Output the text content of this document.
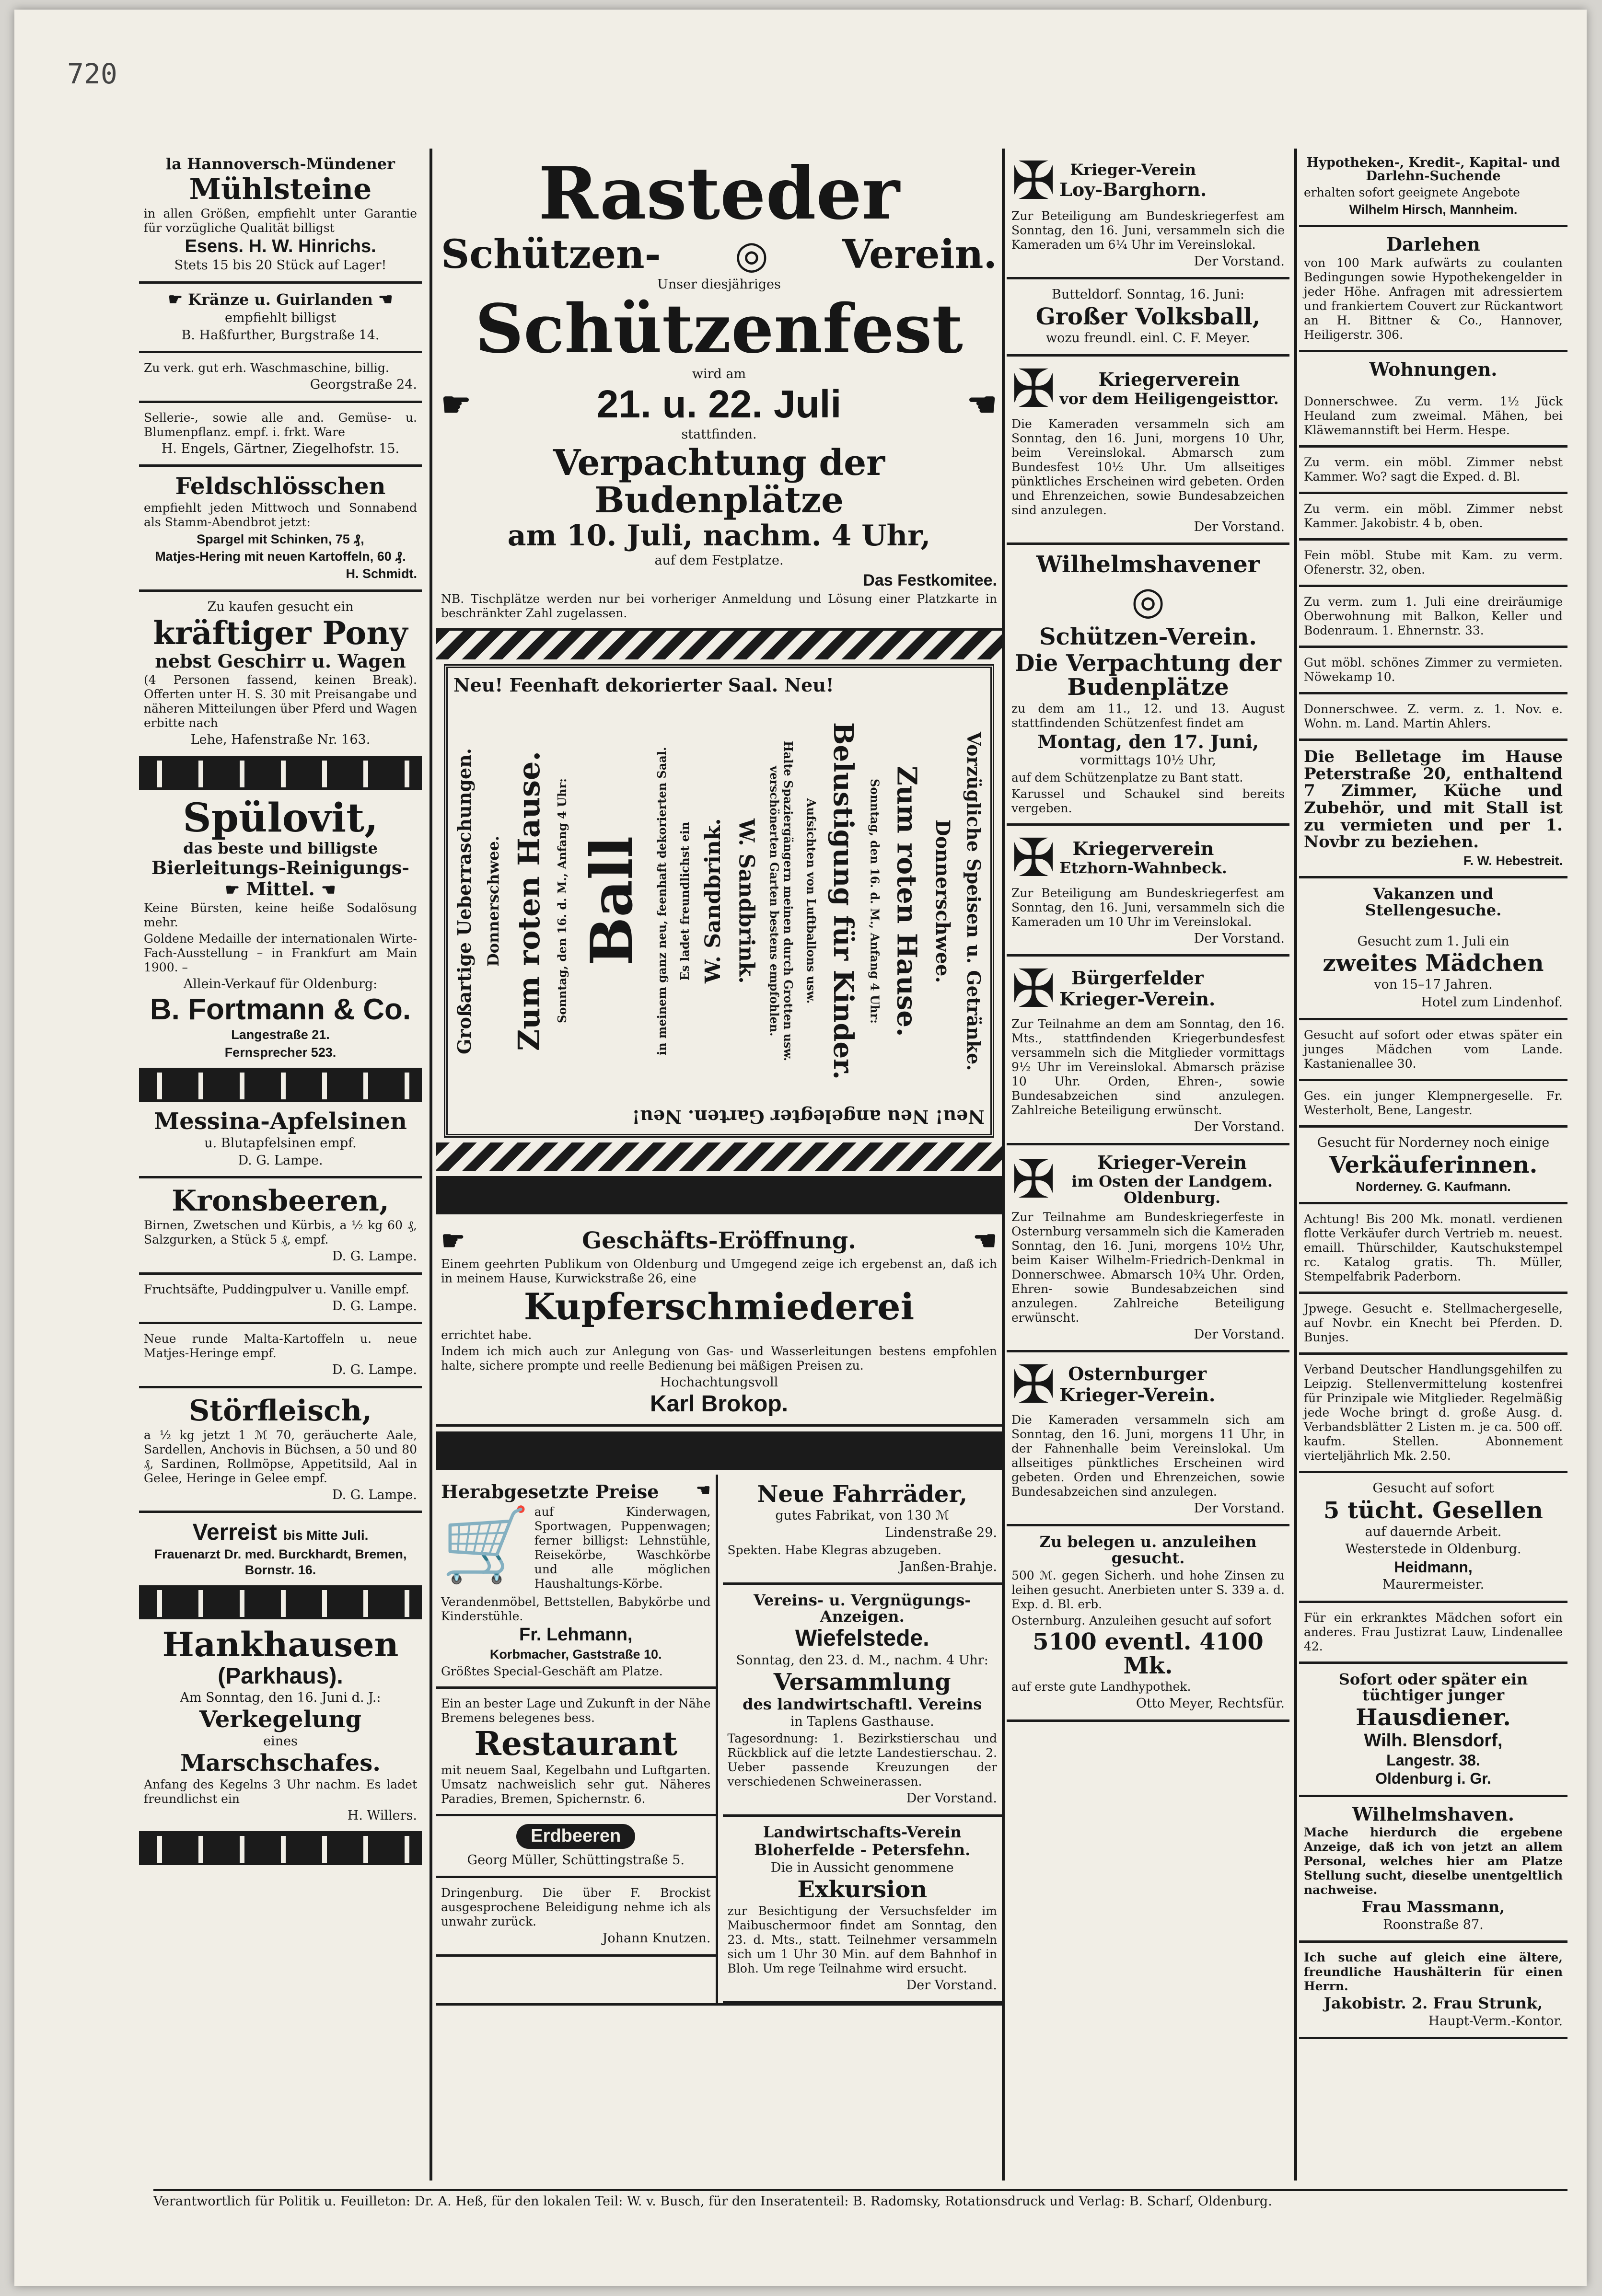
720
la Hannoversch-Mündener
Mühlsteine

in allen Größen, empfiehlt unter Garantie für vorzügliche Qualität billigst

Esens. H. W. Hinrichs.

Stets 15 bis 20 Stück auf Lager!

☛ Kränze u. Guirlanden ☚

empfiehlt billigst

B. Haßfurther, Burgstraße 14.

Zu verk. gut erh. Waschmaschine, billig.

Georgstraße 24.

Sellerie-, sowie alle and. Gemüse- u. Blumenpflanz. empf. i. frkt. Ware

H. Engels, Gärtner, Ziegelhofstr. 15.

Feldschlösschen

empfiehlt jeden Mittwoch und Sonnabend als Stamm-Abendbrot jetzt:

Spargel mit Schinken, 75 ₰,

Matjes-Hering mit neuen Kartoffeln, 60 ₰.

H. Schmidt.

Zu kaufen gesucht ein

kräftiger Pony
nebst Geschirr u. Wagen

(4 Personen fassend, keinen Break). Offerten unter H. S. 30 mit Preisangabe und näheren Mitteilungen über Pferd und Wagen erbitte nach

Lehe, Hafenstraße Nr. 163.

Spülovit,
das beste und billigste
Bierleitungs-Reinigungs-
☛ Mittel. ☚

Keine Bürsten, keine heiße Sodalösung mehr.

Goldene Medaille der internationalen Wirte-Fach-Ausstellung – in Frankfurt am Main 1900. –

Allein-Verkauf für Oldenburg:

B. Fortmann & Co.

Langestraße 21.

Fernsprecher 523.

Messina-Apfelsinen

u. Blutapfelsinen empf.

D. G. Lampe.

Kronsbeeren,

Birnen, Zwetschen und Kürbis, a ½ kg 60 ₰, Salzgurken, a Stück 5 ₰, empf.

D. G. Lampe.

Fruchtsäfte, Puddingpulver u. Vanille empf.

D. G. Lampe.

Neue runde Malta-Kartoffeln u. neue Matjes-Heringe empf.

D. G. Lampe.

Störfleisch,

a ½ kg jetzt 1 ℳ 70, geräucherte Aale, Sardellen, Anchovis in Büchsen, a 50 und 80 ₰, Sardinen, Rollmöpse, Appetitsild, Aal in Gelee, Heringe in Gelee empf.

D. G. Lampe.

Verreist bis Mitte Juli.

Frauenarzt Dr. med. Burckhardt, Bremen, Bornstr. 16.

Hankhausen
(Parkhaus).

Am Sonntag, den 16. Juni d. J.:

Verkegelung

eines

Marschschafes.

Anfang des Kegelns 3 Uhr nachm. Es ladet freundlichst ein

H. Willers.

Rasteder
Schützen- ◎ Verein.

Unser diesjähriges

Schützenfest

wird am

☛	21. u. 22. Juli	☚

stattfinden.

Verpachtung der Budenplätze
am 10. Juli, nachm. 4 Uhr,

auf dem Festplatze.

Das Festkomitee.

NB. Tischplätze werden nur bei vorheriger Anmeldung und Lösung einer Platzkarte in beschränkter Zahl zugelassen.

Neu! Feenhaft dekorierter Saal. Neu!
Großartige Ueberraschungen. Donnerschwee. Zum roten Hause. Sonntag, den 16. d. M., Anfang 4 Uhr: Ball in meinem ganz neu, feenhaft dekorierten Saal. Es ladet freundlichst ein W. Sandbrink. W. Sandbrink.	Halte Spaziergängern meinen durch Grotten usw. verschönerten Garten bestens empfohlen.	Aufsichten von Luftballons usw. Belustigung für Kinder. Sonntag, den 16. d. M., Anfang 4 Uhr: Zum roten Hause. Donnerschwee. Vorzügliche Speisen u. Getränke.
Neu! Neu angelegter Garten. Neu!
☛	Geschäfts-Eröffnung.	☚

Einem geehrten Publikum von Oldenburg und Umgegend zeige ich ergebenst an, daß ich in meinem Hause, Kurwickstraße 26, eine

Kupferschmiederei

errichtet habe.

Indem ich mich auch zur Anlegung von Gas- und Wasserleitungen bestens empfohlen halte, sichere prompte und reelle Bedienung bei mäßigen Preisen zu.

Hochachtungsvoll

Karl Brokop.
Herabgesetzte Preise ☚
🛒 auf Kinderwagen, Sportwagen, Puppenwagen; ferner billigst: Lehnstühle, Reisekörbe, Waschkörbe und alle möglichen Haushaltungs-Körbe.

Verandenmöbel, Bettstellen, Babykörbe und Kinderstühle.

Fr. Lehmann,

Korbmacher, Gaststraße 10.

Größtes Special-Geschäft am Platze.

Ein an bester Lage und Zukunft in der Nähe Bremens belegenes bess.

Restaurant

mit neuem Saal, Kegelbahn und Luftgarten. Umsatz nachweislich sehr gut. Näheres Paradies, Bremen, Spichernstr. 6.

Erdbeeren

Georg Müller, Schüttingstraße 5.

Dringenburg. Die über F. Brockist ausgesprochene Beleidigung nehme ich als unwahr zurück.

Johann Knutzen.

Neue Fahrräder,

gutes Fabrikat, von 130 ℳ

Lindenstraße 29.

Spekten. Habe Klegras abzugeben.

Janßen-Brahje.

Vereins- u. Vergnügungs-Anzeigen.
Wiefelstede.

Sonntag, den 23. d. M., nachm. 4 Uhr:

Versammlung
des landwirtschaftl. Vereins

in Taplens Gasthause.

Tagesordnung: 1. Bezirkstierschau und Rückblick auf die letzte Landestierschau. 2. Ueber passende Kreuzungen der verschiedenen Schweinerassen.

Der Vorstand.

Landwirtschafts-Verein
Bloherfelde - Petersfehn.

Die in Aussicht genommene

Exkursion

zur Besichtigung der Versuchsfelder im Maibuschermoor findet am Sonntag, den 23. d. Mts., statt. Teilnehmer versammeln sich um 1 Uhr 30 Min. auf dem Bahnhof in Bloh. Um rege Teilnahme wird ersucht.

Der Vorstand.

✠ Krieger-Verein
Loy-Barghorn.

Zur Beteiligung am Bundeskriegerfest am Sonntag, den 16. Juni, versammeln sich die Kameraden um 6¼ Uhr im Vereinslokal.

Der Vorstand.

Butteldorf. Sonntag, 16. Juni:

Großer Volksball,

wozu freundl. einl. C. F. Meyer.

✠	Kriegerverein
vor dem Heiligengeisttor.

Die Kameraden versammeln sich am Sonntag, den 16. Juni, morgens 10 Uhr, beim Vereinslokal. Abmarsch zum Bundesfest 10½ Uhr. Um allseitiges pünktliches Erscheinen wird gebeten. Orden und Ehrenzeichen, sowie Bundesabzeichen sind anzulegen.

Der Vorstand.

Wilhelmshavener
◎
Schützen-Verein.
Die Verpachtung der Budenplätze

zu dem am 11., 12. und 13. August stattfindenden Schützenfest findet am

Montag, den 17. Juni,

vormittags 10½ Uhr,

auf dem Schützenplatze zu Bant statt.

Karussel und Schaukel sind bereits vergeben.

✠ Kriegerverein
Etzhorn-Wahnbeck.

Zur Beteiligung am Bundeskriegerfest am Sonntag, den 16. Juni, versammeln sich die Kameraden um 10 Uhr im Vereinslokal.

Der Vorstand.

✠ Bürgerfelder
Krieger-Verein.

Zur Teilnahme an dem am Sonntag, den 16. Mts., stattfindenden Kriegerbundesfest versammeln sich die Mitglieder vormittags 9½ Uhr im Vereinslokal. Abmarsch präzise 10 Uhr. Orden, Ehren-, sowie Bundesabzeichen sind anzulegen. Zahlreiche Beteiligung erwünscht.

Der Vorstand.

✠	Krieger-Verein
im Osten der Landgem. Oldenburg.

Zur Teilnahme am Bundeskriegerfeste in Osternburg versammeln sich die Kameraden Sonntag, den 16. Juni, morgens 10½ Uhr, beim Kaiser Wilhelm-Friedrich-Denkmal in Donnerschwee. Abmarsch 10¾ Uhr. Orden, Ehren- sowie Bundesabzeichen sind anzulegen. Zahlreiche Beteiligung erwünscht.

Der Vorstand.

✠ Osternburger
Krieger-Verein.

Die Kameraden versammeln sich am Sonntag, den 16. Juni, morgens 11 Uhr, in der Fahnenhalle beim Vereinslokal. Um allseitiges pünktliches Erscheinen wird gebeten. Orden und Ehrenzeichen, sowie Bundesabzeichen sind anzulegen.

Der Vorstand.

Zu belegen u. anzuleihen gesucht.

500 ℳ. gegen Sicherh. und hohe Zinsen zu leihen gesucht. Anerbieten unter S. 339 a. d. Exp. d. Bl. erb.

Osternburg. Anzuleihen gesucht auf sofort

5100 eventl. 4100 Mk.

auf erste gute Landhypothek.

Otto Meyer, Rechtsfür.

Hypotheken-, Kredit-, Kapital- und Darlehn-Suchende

erhalten sofort geeignete Angebote

Wilhelm Hirsch, Mannheim.

Darlehen

von 100 Mark aufwärts zu coulanten Bedingungen sowie Hypothekengelder in jeder Höhe. Anfragen mit adressiertem und frankiertem Couvert zur Rückantwort an H. Bittner & Co., Hannover, Heiligerstr. 306.

Wohnungen.

Donnerschwee. Zu verm. 1½ Jück Heuland zum zweimal. Mähen, bei Kläwemannstift bei Herm. Hespe.

Zu verm. ein möbl. Zimmer nebst Kammer. Wo? sagt die Exped. d. Bl.

Zu verm. ein möbl. Zimmer nebst Kammer. Jakobistr. 4 b, oben.

Fein möbl. Stube mit Kam. zu verm. Ofenerstr. 32, oben.

Zu verm. zum 1. Juli eine dreiräumige Oberwohnung mit Balkon, Keller und Bodenraum. 1. Ehnernstr. 33.

Gut möbl. schönes Zimmer zu vermieten. Nöwekamp 10.

Donnerschwee. Z. verm. z. 1. Nov. e. Wohn. m. Land. Martin Ahlers.

Die Belletage im Hause Peterstraße 20, enthaltend 7 Zimmer, Küche und Zubehör, und mit Stall ist zu vermieten und per 1. Novbr zu beziehen.

F. W. Hebestreit.

Vakanzen und Stellengesuche.

Gesucht zum 1. Juli ein

zweites Mädchen

von 15–17 Jahren.

Hotel zum Lindenhof.

Gesucht auf sofort oder etwas später ein junges Mädchen vom Lande. Kastanienallee 30.

Ges. ein junger Klempnergeselle. Fr. Westerholt, Bene, Langestr.

Gesucht für Norderney noch einige

Verkäuferinnen.

Norderney. G. Kaufmann.

Achtung! Bis 200 Mk. monatl. verdienen flotte Verkäufer durch Vertrieb m. neuest. emaill. Thürschilder, Kautschukstempel rc. Katalog gratis. Th. Müller, Stempelfabrik Paderborn.

Jpwege. Gesucht e. Stellmachergeselle, auf Novbr. ein Knecht bei Pferden. D. Bunjes.

Verband Deutscher Handlungsgehilfen zu Leipzig. Stellenvermittelung kostenfrei für Prinzipale wie Mitglieder. Regelmäßig jede Woche bringt d. große Ausg. d. Verbandsblätter 2 Listen m. je ca. 500 off. kaufm. Stellen. Abonnement vierteljährlich Mk. 2.50.

Gesucht auf sofort

5 tücht. Gesellen

auf dauernde Arbeit.

Westerstede in Oldenburg.

Heidmann,

Maurermeister.

Für ein erkranktes Mädchen sofort ein anderes. Frau Justizrat Lauw, Lindenallee 42.

Sofort oder später ein tüchtiger junger
Hausdiener.
Wilh. Blensdorf,
Langestr. 38.
Oldenburg i. Gr.
Wilhelmshaven.

Mache hierdurch die ergebene Anzeige, daß ich von jetzt an allem Personal, welches hier am Platze Stellung sucht, dieselbe unentgeltlich nachweise.

Frau Massmann,

Roonstraße 87.

Ich suche auf gleich eine ältere, freundliche Haushälterin für einen Herrn.

Jakobistr. 2. Frau Strunk,

Haupt-Verm.-Kontor.

Verantwortlich für Politik u. Feuilleton: Dr. A. Heß, für den lokalen Teil: W. v. Busch, für den Inseratenteil: B. Radomsky, Rotationsdruck und Verlag: B. Scharf, Oldenburg.
